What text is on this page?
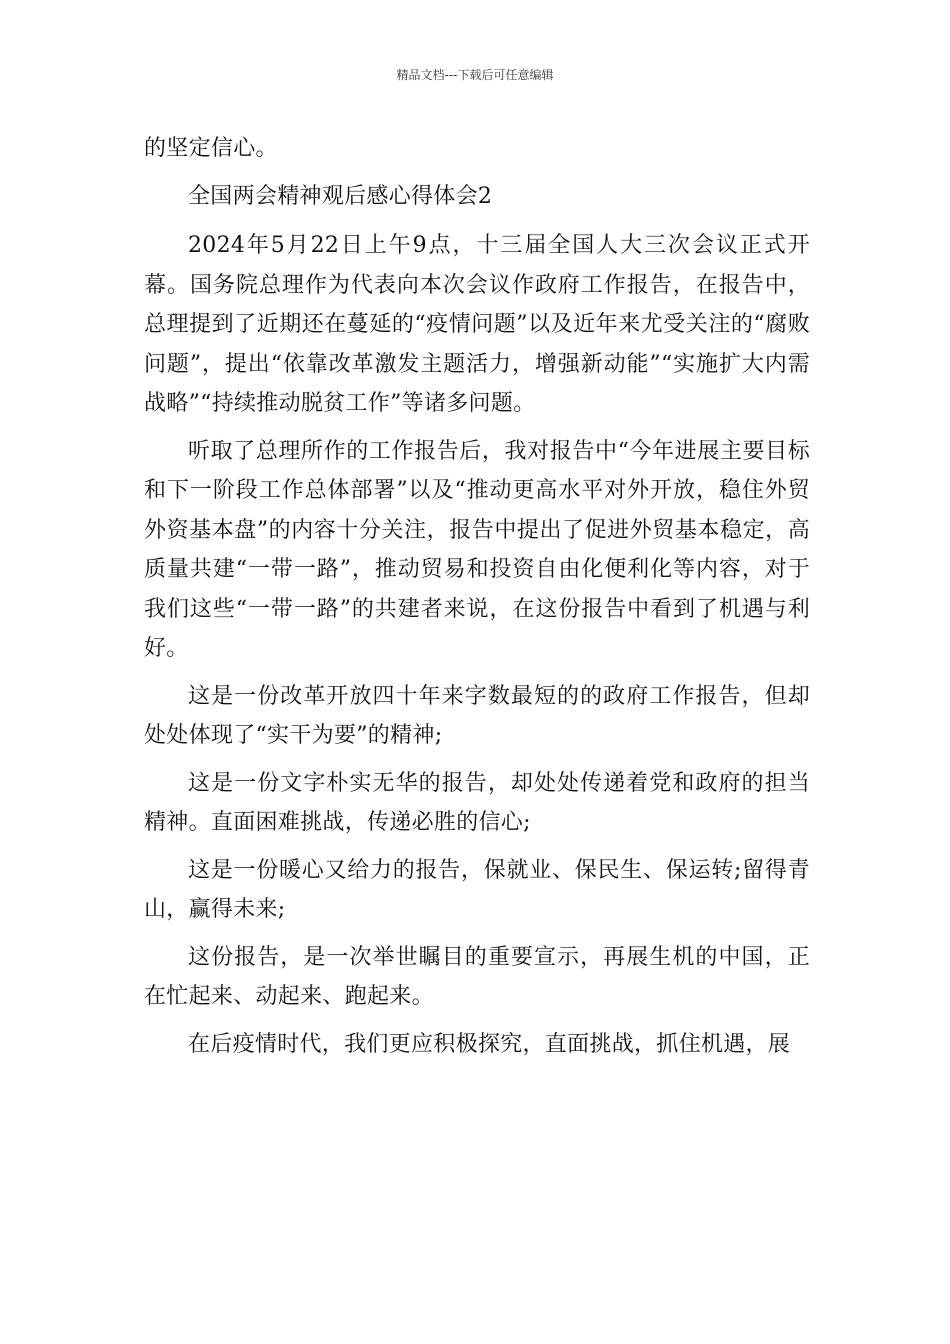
精品文档---下载后可任意编辑

的坚定信心。

全国两会精神观后感心得体会2

2024年5月22日上午9点，十三届全国人大三次会议正式开幕。国务院总理作为代表向本次会议作政府工作报告，在报告中，总理提到了近期还在蔓延的“疫情问题”以及近年来尤受关注的“腐败问题”，提出“依靠改革激发主题活力，增强新动能”“实施扩大内需战略”“持续推动脱贫工作”等诸多问题。

听取了总理所作的工作报告后，我对报告中“今年进展主要目标和下一阶段工作总体部署”以及“推动更高水平对外开放，稳住外贸外资基本盘”的内容十分关注，报告中提出了促进外贸基本稳定，高质量共建“一带一路”，推动贸易和投资自由化便利化等内容，对于我们这些“一带一路”的共建者来说，在这份报告中看到了机遇与利好。

这是一份改革开放四十年来字数最短的的政府工作报告，但却处处体现了“实干为要”的精神;

这是一份文字朴实无华的报告，却处处传递着党和政府的担当精神。直面困难挑战，传递必胜的信心;

这是一份暖心又给力的报告，保就业、保民生、保运转;留得青山，赢得未来;

这份报告，是一次举世瞩目的重要宣示，再展生机的中国，正在忙起来、动起来、跑起来。

在后疫情时代，我们更应积极探究，直面挑战，抓住机遇，展
